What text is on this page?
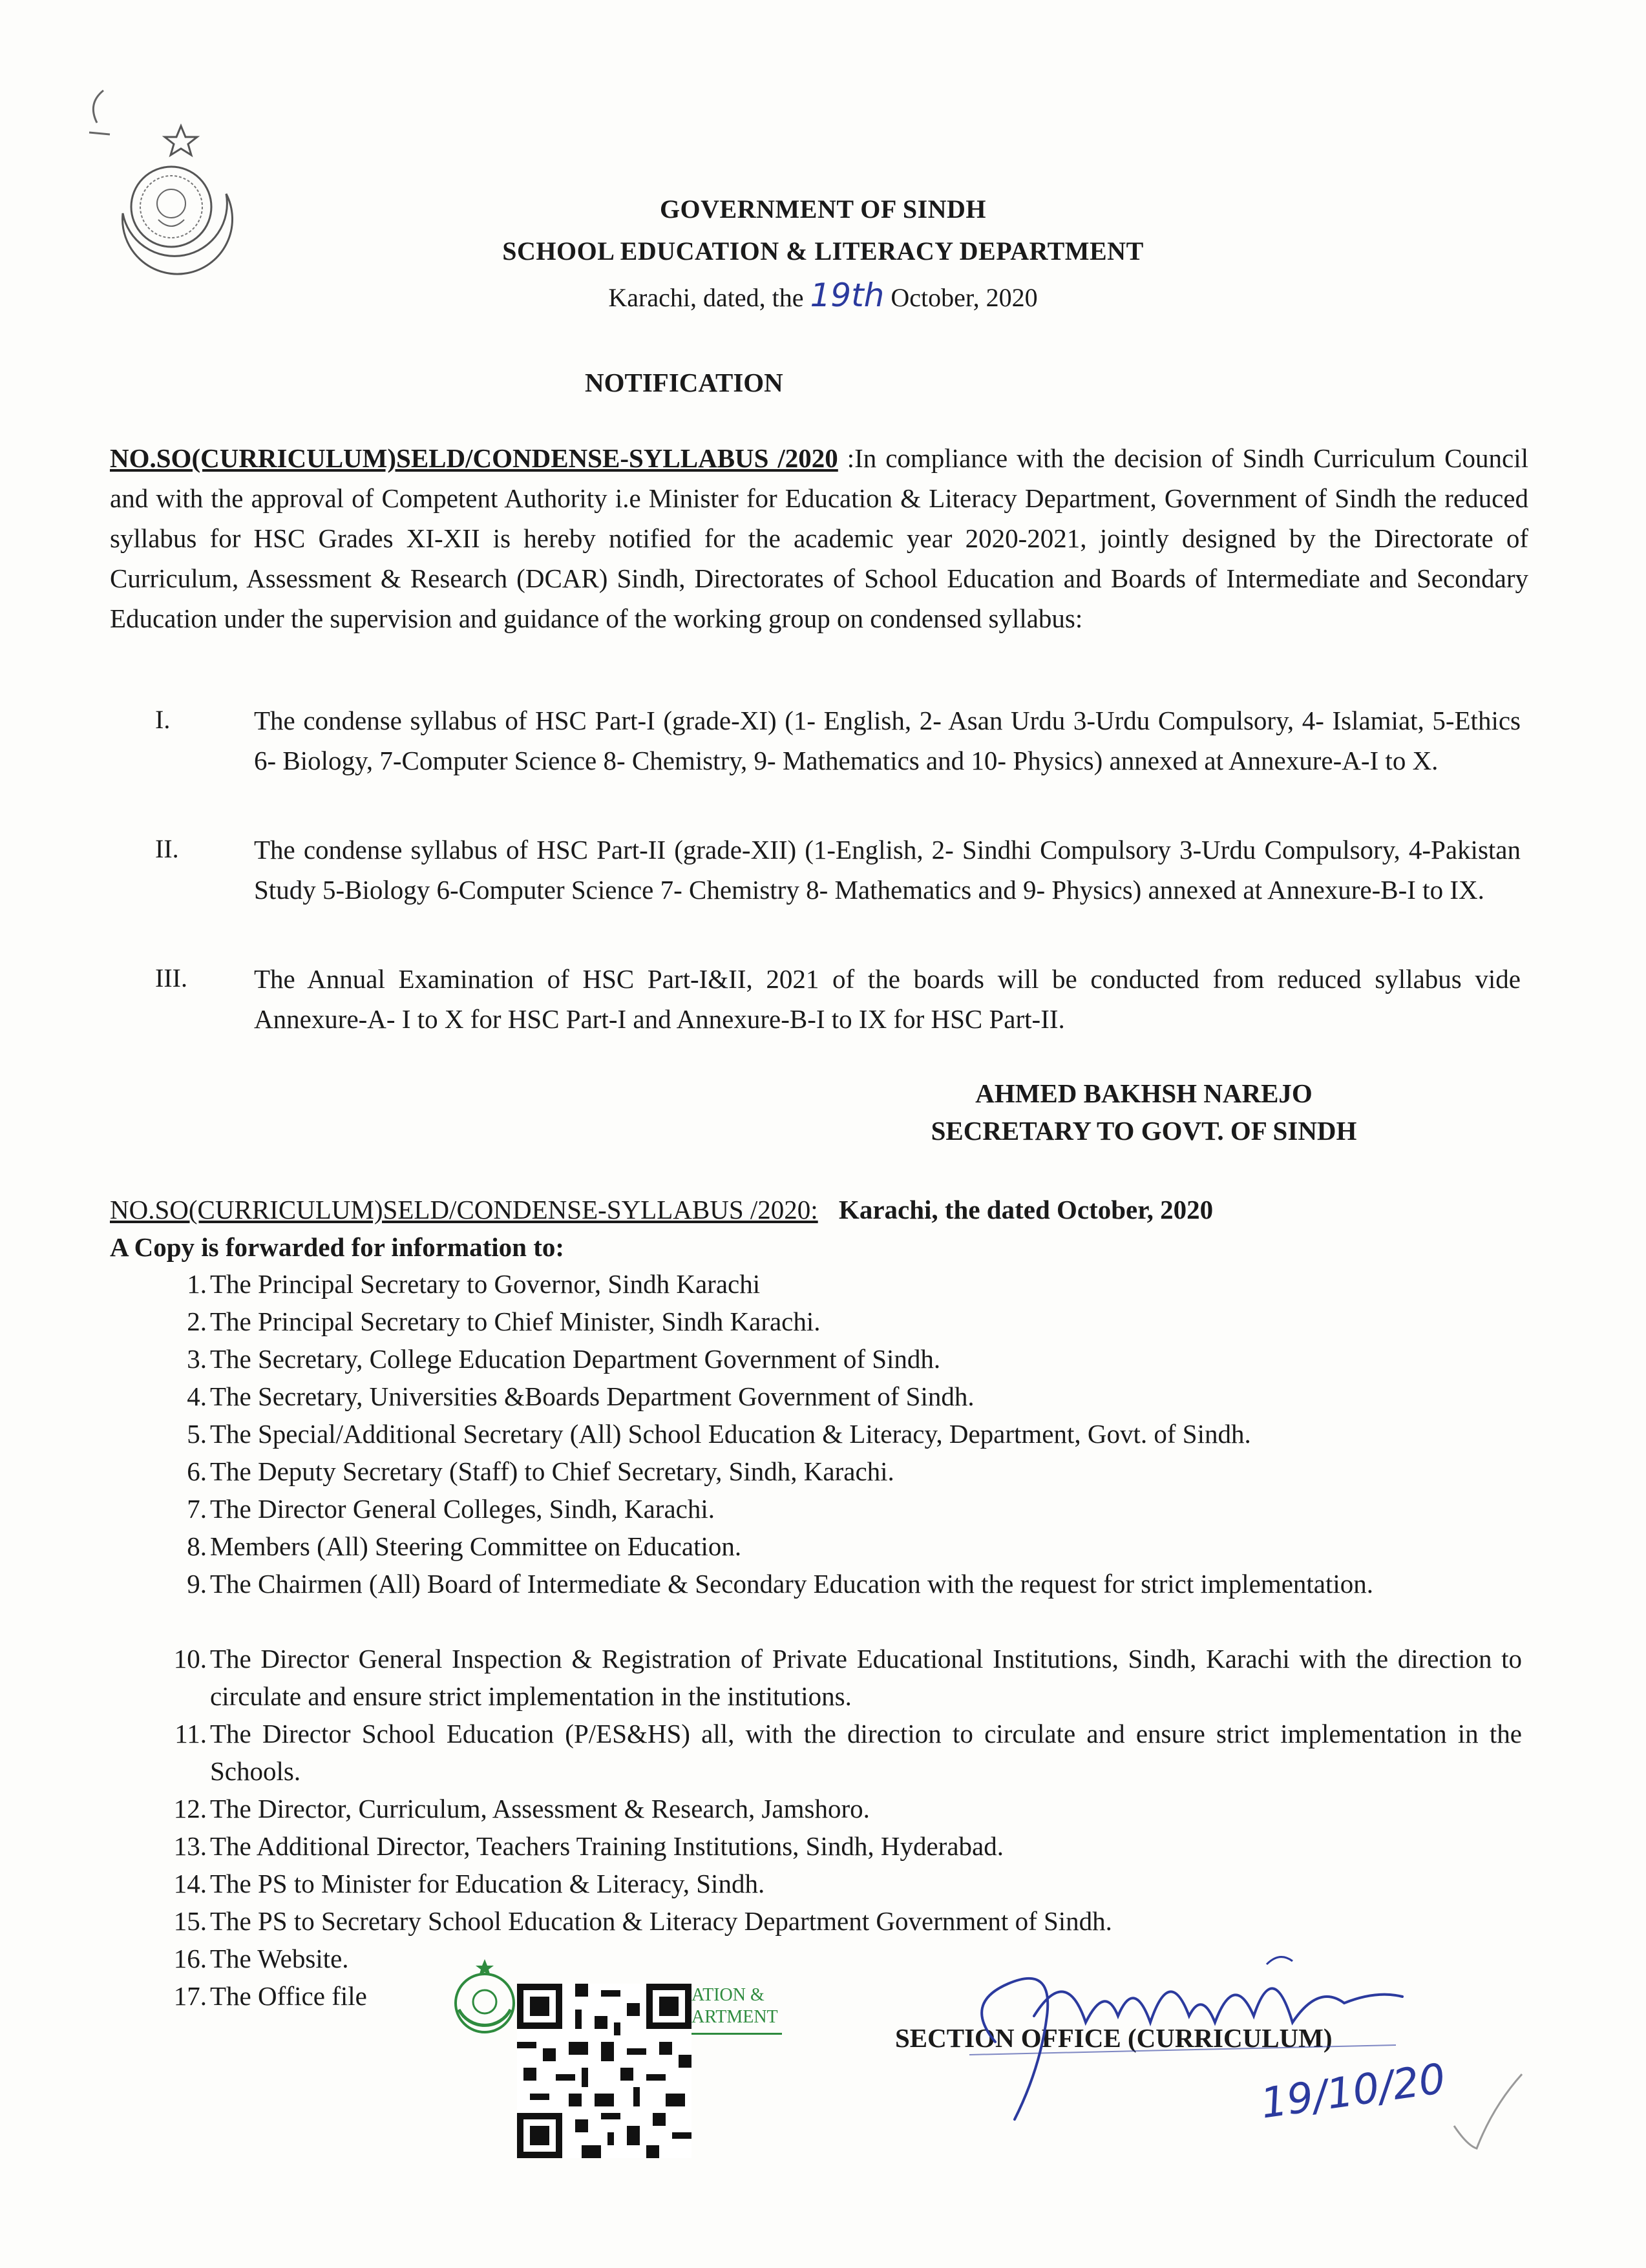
GOVERNMENT OF SINDH
SCHOOL EDUCATION & LITERACY DEPARTMENT
Karachi, dated, the 19th October, 2020
NOTIFICATION
NO.SO(CURRICULUM)SELD/CONDENSE-SYLLABUS /2020 :In compliance with the decision of Sindh Curriculum Council and with the approval of Competent Authority i.e Minister for Education & Literacy Department, Government of Sindh the reduced syllabus for HSC Grades XI-XII is hereby notified for the academic year 2020-2021, jointly designed by the Directorate of Curriculum, Assessment & Research (DCAR) Sindh, Directorates of School Education and Boards of Intermediate and Secondary Education under the supervision and guidance of the working group on condensed syllabus:
I.	The condense syllabus of HSC Part-I (grade-XI) (1- English, 2- Asan Urdu 3-Urdu Compulsory, 4- Islamiat, 5-Ethics 6- Biology, 7-Computer Science 8- Chemistry, 9- Mathematics and 10- Physics) annexed at Annexure-A-I to X.
II.	The condense syllabus of HSC Part-II (grade-XII) (1-English, 2- Sindhi Compulsory 3-Urdu Compulsory, 4-Pakistan Study 5-Biology 6-Computer Science 7- Chemistry 8- Mathematics and 9- Physics) annexed at Annexure-B-I to IX.
III.	The Annual Examination of HSC Part-I&II, 2021 of the boards will be conducted from reduced syllabus vide Annexure-A- I to X for HSC Part-I and Annexure-B-I to IX for HSC Part-II.
AHMED BAKHSH NAREJO
SECRETARY TO GOVT. OF SINDH
NO.SO(CURRICULUM)SELD/CONDENSE-SYLLABUS /2020: Karachi, the dated October, 2020
A Copy is forwarded for information to:
1. The Principal Secretary to Governor, Sindh Karachi
2. The Principal Secretary to Chief Minister, Sindh Karachi.
3. The Secretary, College Education Department Government of Sindh.
4. The Secretary, Universities &Boards Department Government of Sindh.
5. The Special/Additional Secretary (All) School Education & Literacy, Department, Govt. of Sindh.
6. The Deputy Secretary (Staff) to Chief Secretary, Sindh, Karachi.
7. The Director General Colleges, Sindh, Karachi.
8. Members (All) Steering Committee on Education.
9. The Chairmen (All) Board of Intermediate & Secondary Education with the request for strict implementation.
10. The Director General Inspection & Registration of Private Educational Institutions, Sindh, Karachi with the direction to circulate and ensure strict implementation in the institutions.
11. The Director School Education (P/ES&HS) all, with the direction to circulate and ensure strict implementation in the Schools.
12. The Director, Curriculum, Assessment & Research, Jamshoro.
13. The Additional Director, Teachers Training Institutions, Sindh, Hyderabad.
14. The PS to Minister for Education & Literacy, Sindh.
15. The PS to Secretary School Education & Literacy Department Government of Sindh.
16. The Website.
17. The Office file	ATION &
ARTMENT
SECTION OFFICE (CURRICULUM)
19/10/20
